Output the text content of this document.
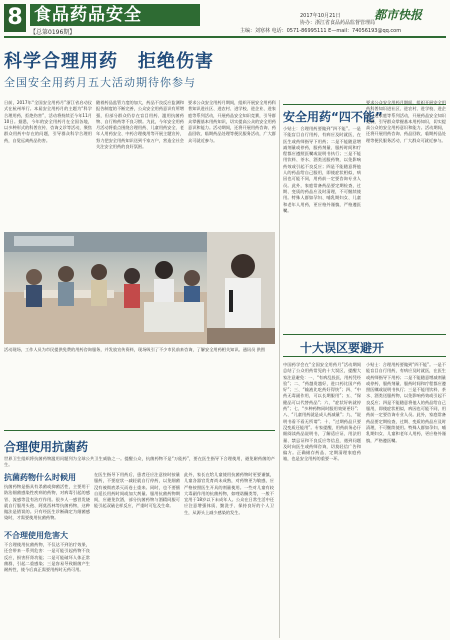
8 食品药品安全
【总第0196期】
2017年10月21日	都市快报
协办：浙江省食品药品监督管理局
主编：刘寒林 电话：0571-86995111 E—mail：74056193@qq.com
科学合理用药 拒绝伤害
全国安全用药月五大活动期待你参与
日前，2017年“全国安全用药月”浙江省启动仪式在杭州举行。本届安全用药月的主题为“科学合理用药，拒绝伤害”，活动将持续至今年11月10日。据悉，今年的安全用药月在全国各地，以多种形式的科普宣传、咨询义诊等活动，聚焦群众用药中存在的问题，引导群众科学合理用药，自觉远离药品伤害。
随着药品监管力度的加大，药品不良反应监测和报告制度的不断完善，公众安全用药意识有所增强，但部分群众仍存在盲目用药、滥用抗菌药物、自行购药等不良习惯。为此，今年安全用药月活动将重点围绕合理用药、儿童用药安全、老年人用药安全、中药合理使用等开展主题宣传，努力把安全用药知识送到千家万户，营造全社会关注安全用药的良好氛围。
要求公众安全用药月期间，组织开展安全用药科普知识进社区、进农村、进学校、进企业、进家庭等系列活动，开展药品安全知识竞赛，引导群众掌握基本用药知识，切实提高公众的安全用药意识和能力。活动期间，还将开展用药咨询、药品回收、临期药品处理等便民服务活动，广大群众可就近参与。
活动现场，工作人员为市民提供免费的用药咨询服务，并发放宣传资料，现场吸引了不少市民前来咨询，了解安全用药相关知识。通讯员 供图
安全用药“四不能”
小贴士：合理用药要做到“四不能”。一是不能盲目自行用药，有病应及时就医，在医生或药师指导下用药；二是不能随意增减剂量或停药，服药剂量、服药时间和疗程都应遵照医嘱或说明书执行；三是不能用饮料、茶水、酒类送服药物，以免影响药效或引起不良反应；四是不能随意将他人的药品给自己服用，即使症状相似，病因也可能不同，用药前一定要咨询专业人员。此外，家庭常备药品要定期检查，过期、变质的药品应及时清理，不可继续使用。特殊人群如孕妇、哺乳期妇女、儿童和老年人用药，更应格外谨慎，严格遵医嘱。
要求公众安全用药月期间，组织开展安全用药科普知识进社区、进农村、进学校、进企业、进家庭等系列活动，开展药品安全知识竞赛，引导群众掌握基本用药知识，切实提高公众的安全用药意识和能力。活动期间，还将开展用药咨询、药品回收、临期药品处理等便民服务活动，广大群众可就近参与。
合理使用抗菌药
世界卫生组织将抗菌药物滥用问题列为全球公共卫生威胁之一。提醒公众，抗菌药物不是“万能药”，要在医生指导下合理使用，避免耐药菌的产生。
抗菌药物什么时候用
抗菌药物是指具有杀菌或抑菌活性，主要用于防治细菌感染性疾病的药物，对病毒引起的感冒、流感等没有治疗作用。很多人一感冒发烧就自行服用头孢、阿莫西林等抗菌药物，这种做法是错误的。只有经医生诊断确定为细菌感染时，才需要使用抗菌药物。
不合理使用危害大
不合理使用抗菌药物，不仅达不到治疗效果，还会带来一系列危害：一是可能引起药物不良反应，损害肝肾功能；二是可能破坏人体正常菌群，引起二重感染；三是容易导致细菌产生耐药性，使今后真正需要用药时无药可用。
在医生指导下用药后，患者还应注意按时按量服药，不要症状一减轻就自行停药，以免细菌没有被彻底杀灭而卷土重来。同时，也不要擅自延长用药时间或加大剂量。服用抗菌药物期间，应避免饮酒，部分抗菌药物与酒精同服可能引起双硫仑样反应，严重时可危及生命。
此外，家长在给儿童使用抗菌药物时更要谨慎，儿童各器官发育尚未成熟，对药物更为敏感，应严格按照医生开具的剂量使用。一些对儿童有较大毒副作用的抗菌药物，如喹诺酮类等，一般不宜用于18岁以下未成年人。公众在日常生活中还应注意增强体质、勤洗手、保持良好的个人卫生，从源头上减少感染的发生。
十大误区要避开
中国药学会在“全国安全用药月”活动期间总结了公众用药常见的十大误区，提醒大家注意避免：一、“有病乱投医，用药凭经验”；二、“药越贵越好，进口药比国产药好”；三、“输液比吃药好得快”；四、“中药无毒副作用，可以长期服用”；五、“保健品可以代替药品”；六、“症状好转就停药”；七、“多种药物同时服用效果更好”；八、“儿童用药就是成人药减量”；九、“说明书看不看无所谓”；十、“过期药品只要没变质还能用”。专家提醒，用药前务必仔细阅读药品说明书，了解适应证、用法用量、禁忌证和不良反应等信息，遇到问题及时向医生或药师咨询，切莫轻信广告和偏方。正确储存药品、定期清理家庭药箱，也是安全用药的重要一环。
小贴士：合理用药要做到“四不能”。一是不能盲目自行用药，有病应及时就医，在医生或药师指导下用药；二是不能随意增减剂量或停药，服药剂量、服药时间和疗程都应遵照医嘱或说明书执行；三是不能用饮料、茶水、酒类送服药物，以免影响药效或引起不良反应；四是不能随意将他人的药品给自己服用，即使症状相似，病因也可能不同，用药前一定要咨询专业人员。此外，家庭常备药品要定期检查，过期、变质的药品应及时清理，不可继续使用。特殊人群如孕妇、哺乳期妇女、儿童和老年人用药，更应格外谨慎，严格遵医嘱。
